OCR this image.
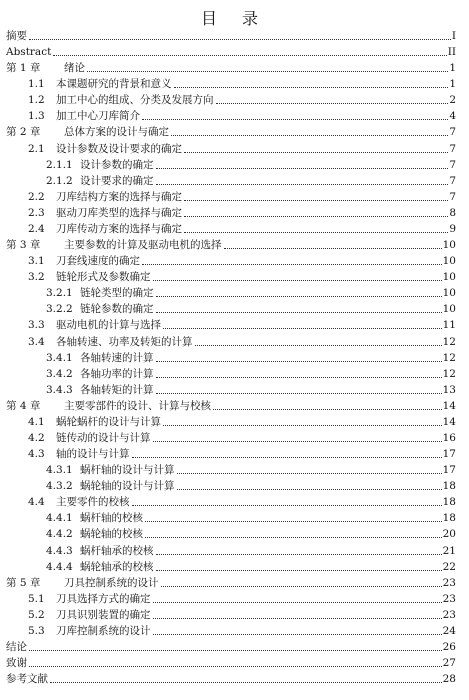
目 录
摘要	I
Abstract	II
第 1 章	绪论	1
1.1	本课题研究的背景和意义	1
1.2	加工中心的组成、分类及发展方向	2
1.3	加工中心刀库简介	4
第 2 章	总体方案的设计与确定	7
2.1	设计参数及设计要求的确定	7
2.1.1 设计参数的确定	7
2.1.2 设计要求的确定	7
2.2	刀库结构方案的选择与确定	7
2.3	驱动刀库类型的选择与确定	8
2.4	刀库传动方案的选择与确定	9
第 3 章	主要参数的计算及驱动电机的选择	10
3.1	刀套线速度的确定	10
3.2	链轮形式及参数确定	10
3.2.1 链轮类型的确定	10
3.2.2 链轮参数的确定	10
3.3	驱动电机的计算与选择	11
3.4	各轴转速、功率及转矩的计算	12
3.4.1 各轴转速的计算	12
3.4.2 各轴功率的计算	12
3.4.3 各轴转矩的计算	13
第 4 章	主要零部件的设计、计算与校核	14
4.1	蜗轮蜗杆的设计与计算	14
4.2	链传动的设计与计算	16
4.3	轴的设计与计算	17
4.3.1 蜗杆轴的设计与计算	17
4.3.2 蜗轮轴的设计与计算	18
4.4	主要零件的校核	18
4.4.1 蜗杆轴的校核	18
4.4.2 蜗轮轴的校核	20
4.4.3 蜗杆轴承的校核	21
4.4.4 蜗轮轴承的校核	22
第 5 章	刀具控制系统的设计	23
5.1	刀具选择方式的确定	23
5.2	刀具识别装置的确定	23
5.3	刀库控制系统的设计	24
结论	26
致谢	27
参考文献	28
